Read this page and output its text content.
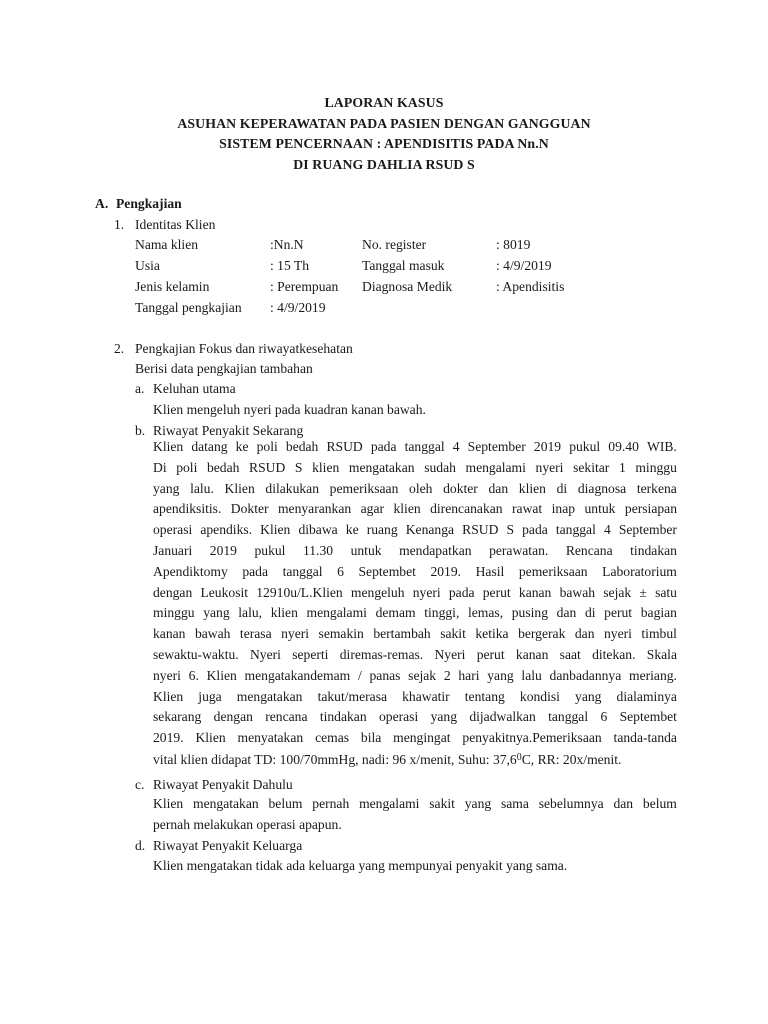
LAPORAN KASUS
ASUHAN KEPERAWATAN PADA PASIEN DENGAN GANGGUAN
SISTEM PENCERNAAN : APENDISITIS PADA Nn.N
DI RUANG DAHLIA RSUD S
A. Pengkajian
1. Identitas Klien
Nama klien	:Nn.N	No. register	: 8019
Usia	: 15 Th	Tanggal masuk	: 4/9/2019
Jenis kelamin	: Perempuan Diagnosa Medik	: Apendisitis
Tanggal pengkajian : 4/9/2019
2. Pengkajian Fokus dan riwayatkesehatan
Berisi data pengkajian tambahan
a. Keluhan utama
Klien mengeluh nyeri pada kuadran kanan bawah.
b. Riwayat Penyakit Sekarang
Klien datang ke poli bedah RSUD pada tanggal 4 September 2019 pukul 09.40 WIB.
Di poli bedah RSUD S klien mengatakan sudah mengalami nyeri sekitar 1 minggu
yang lalu. Klien dilakukan pemeriksaan oleh dokter dan klien di diagnosa terkena
apendiksitis. Dokter menyarankan agar klien direncanakan rawat inap untuk persiapan
operasi apendiks. Klien dibawa ke ruang Kenanga RSUD S pada tanggal 4 September
Januari 2019 pukul 11.30 untuk mendapatkan perawatan. Rencana tindakan
Apendiktomy pada tanggal 6 Septembet 2019. Hasil pemeriksaan Laboratorium
dengan Leukosit 12910u/L.Klien mengeluh nyeri pada perut kanan bawah sejak ± satu
minggu yang lalu, klien mengalami demam tinggi, lemas, pusing dan di perut bagian
kanan bawah terasa nyeri semakin bertambah sakit ketika bergerak dan nyeri timbul
sewaktu-waktu. Nyeri seperti diremas-remas. Nyeri perut kanan saat ditekan. Skala
nyeri 6. Klien mengatakandemam / panas sejak 2 hari yang lalu danbadannya meriang.
Klien juga mengatakan takut/merasa khawatir tentang kondisi yang dialaminya
sekarang dengan rencana tindakan operasi yang dijadwalkan tanggal 6 Septembet
2019. Klien menyatakan cemas bila mengingat penyakitnya.Pemeriksaan tanda-tanda
vital klien didapat TD: 100/70mmHg, nadi: 96 x/menit, Suhu: 37,6$^0$C, RR: 20x/menit.
c. Riwayat Penyakit Dahulu
Klien mengatakan belum pernah mengalami sakit yang sama sebelumnya dan belum
pernah melakukan operasi apapun.
d. Riwayat Penyakit Keluarga
Klien mengatakan tidak ada keluarga yang mempunyai penyakit yang sama.
